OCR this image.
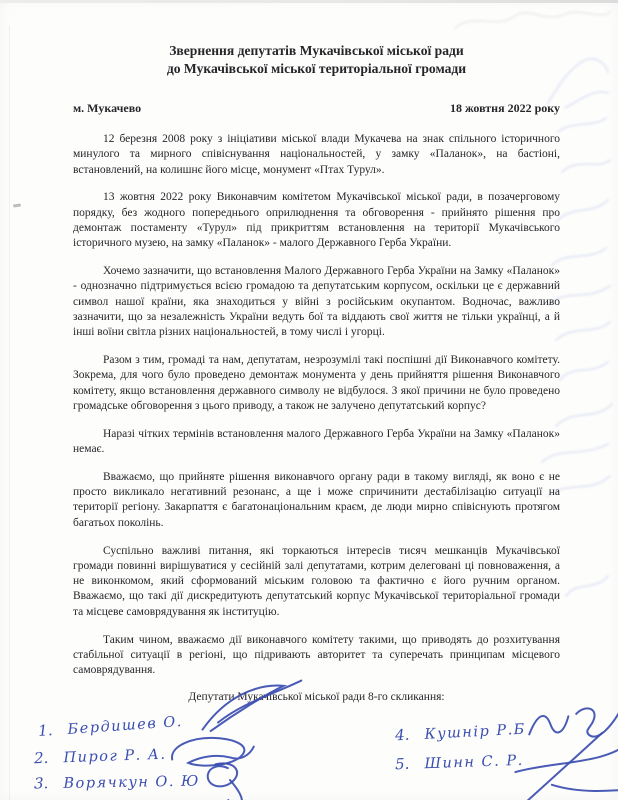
Звернення депутатів Мукачівської міської ради
до Мукачівської міської територіальної громади
м. Мукачево	18 жовтня 2022 року

12 березня 2008 року з ініціативи міської влади Мукачева на знак спільного історичного минулого та мирного співіснування національностей, у замку «Паланок», на бастіоні, встановлений, на колишнє його місце, монумент «Птах Турул».

13 жовтня 2022 року Виконавчим комітетом Мукачівської міської ради, в позачерговому порядку, без жодного попереднього оприлюднення та обговорення - прийнято рішення про демонтаж постаменту «Турул» під прикриттям встановлення на території Мукачівського історичного музею, на замку «Паланок» - малого Державного Герба України.

Хочемо зазначити, що встановлення Малого Державного Герба України на Замку «Паланок» - однозначно підтримується всією громадою та депутатським корпусом, оскільки це є державний символ нашої країни, яка знаходиться у війні з російським окупантом. Водночас, важливо зазначити, що за незалежність України ведуть бої та віддають свої життя не тільки українці, а й інші воїни світла різних національностей, в тому числі і угорці.

Разом з тим, громаді та нам, депутатам, незрозумілі такі поспішні дії Виконавчого комітету. Зокрема, для чого було проведено демонтаж монумента у день прийняття рішення Виконавчого комітету, якщо встановлення державного символу не відбулося. З якої причини не було проведено громадське обговорення з цього приводу, а також не залучено депутатський корпус?

Наразі чітких термінів встановлення малого Державного Герба України на Замку «Паланок» немає.

Вважаємо, що прийняте рішення виконавчого органу ради в такому вигляді, як воно є не просто викликало негативний резонанс, а ще і може спричинити дестабілізацію ситуації на території регіону. Закарпаття є багатонаціональним краєм, де люди мирно співіснують протягом багатьох поколінь.

Суспільно важливі питання, які торкаються інтересів тисяч мешканців Мукачівської громади повинні вирішуватися у сесійній залі депутатами, котрим делеговані ці повноваження, а не виконкомом, який сформований міським головою та фактично є його ручним органом. Вважаємо, що такі дії дискредитують депутатський корпус Мукачівської територіальної громади та місцеве самоврядування як інституцію.

Таким чином, вважаємо дії виконавчого комітету такими, що приводять до розхитування стабільної ситуації в регіоні, що підривають авторитет та суперечать принципам місцевого самоврядування.

Депутати Мукачівської міської ради 8-го скликання:
1. Бердишев О.
2. Пирог Р. А.
3. Ворячкун О. Ю
4. Кушнір Р.Б
5. Шинн С. Р.
